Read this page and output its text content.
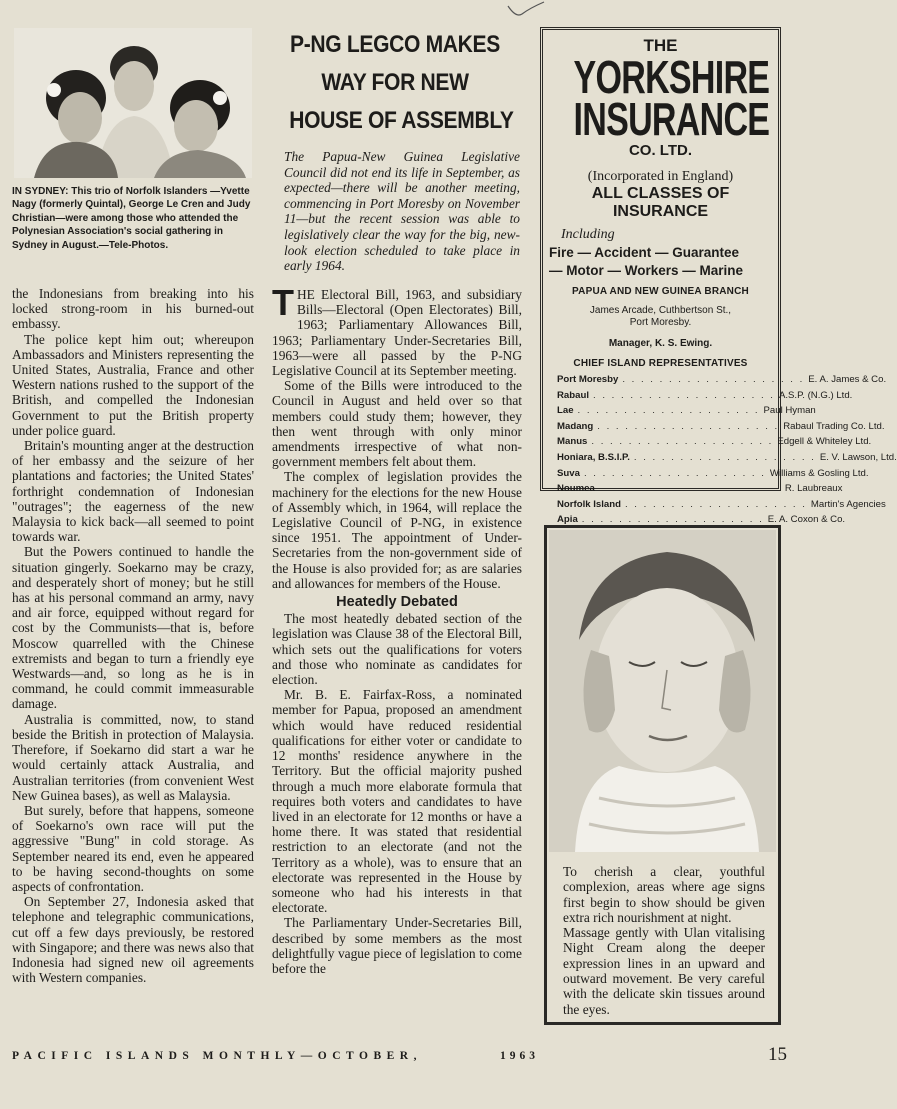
IN SYDNEY: This trio of Norfolk Islanders —Yvette Nagy (formerly Quintal), George Le Cren and Judy Christian—were among those who attended the Polynesian Association's social gathering in Sydney in August.—Tele-Photos.

the Indonesians from breaking into his locked strong-room in his burned-out embassy.

The police kept him out; whereupon Ambassadors and Ministers representing the United States, Australia, France and other Western nations rushed to the support of the British, and compelled the Indonesian Government to put the British property under police guard.

Britain's mounting anger at the destruction of her embassy and the seizure of her plantations and factories; the United States' forthright condemnation of Indonesian "outrages"; the eagerness of the new Malaysia to kick back—all seemed to point towards war.

But the Powers continued to handle the situation gingerly. Soekarno may be crazy, and desperately short of money; but he still has at his personal command an army, navy and air force, equipped without regard for cost by the Communists—that is, before Moscow quarrelled with the Chinese extremists and began to turn a friendly eye Westwards—and, so long as he is in command, he could commit immeasurable damage.

Australia is committed, now, to stand beside the British in protection of Malaysia. Therefore, if Soekarno did start a war he would certainly attack Australia, and Australian territories (from convenient West New Guinea bases), as well as Malaysia.

But surely, before that happens, someone of Soekarno's own race will put the aggressive "Bung" in cold storage. As September neared its end, even he appeared to be having second-thoughts on some aspects of confrontation.

On September 27, Indonesia asked that telephone and telegraphic communications, cut off a few days previously, be restored with Singapore; and there was news also that Indonesia had signed new oil agreements with Western companies.

P-NG LEGCO MAKES
WAY FOR NEW
HOUSE OF ASSEMBLY
The Papua-New Guinea Legislative Council did not end its life in September, as expected—there will be another meeting, commencing in Port Moresby on November 11—but the recent session was able to legislatively clear the way for the big, new-look election scheduled to take place in early 1964.

THE Electoral Bill, 1963, and subsidiary Bills—Electoral (Open Electorates) Bill, 1963; Parliamentary Allowances Bill, 1963; Parliamentary Under-Secretaries Bill, 1963—were all passed by the P-NG Legislative Council at its September meeting.

Some of the Bills were introduced to the Council in August and held over so that members could study them; however, they then went through with only minor amendments irrespective of what non-government members felt about them.

The complex of legislation provides the machinery for the elections for the new House of Assembly which, in 1964, will replace the Legislative Council of P-NG, in existence since 1951. The appointment of Under-Secretaries from the non-government side of the House is also provided for; as are salaries and allowances for members of the House.

Heatedly Debated

The most heatedly debated section of the legislation was Clause 38 of the Electoral Bill, which sets out the qualifications for voters and those who nominate as candidates for election.

Mr. B. E. Fairfax-Ross, a nominated member for Papua, proposed an amendment which would have reduced residential qualifications for either voter or candidate to 12 months' residence anywhere in the Territory. But the official majority pushed through a much more elaborate formula that requires both voters and candidates to have lived in an electorate for 12 months or have a home there. It was stated that residential restriction to an electorate (and not the Territory as a whole), was to ensure that an electorate was represented in the House by someone who had his interests in that electorate.

The Parliamentary Under-Secretaries Bill, described by some members as the most delightfully vague piece of legislation to come before the

THE
YORKSHIRE
INSURANCE
CO. LTD.
(Incorporated in England)
ALL CLASSES OF
INSURANCE
Including
Fire — Accident — Guarantee
— Motor — Workers — Marine
PAPUA AND NEW GUINEA BRANCH
James Arcade, Cuthbertson St.,
Port Moresby.
Manager, K. S. Ewing.
CHIEF ISLAND REPRESENTATIVES
Port Moresby . . . . . . . . . . . . . . . . . . . . E. A. James & Co.
Rabaul . . . . . . . . . . . . . . . . . . . . A.S.P. (N.G.) Ltd.
Lae . . . . . . . . . . . . . . . . . . . . Paul Hyman
Madang . . . . . . . . . . . . . . . . . . . . Rabaul Trading Co. Ltd.
Manus . . . . . . . . . . . . . . . . . . . . Edgell & Whiteley Ltd.
Honiara, B.S.I.P. . . . . . . . . . . . . . . . . . . . . E. V. Lawson, Ltd.
Suva . . . . . . . . . . . . . . . . . . . . Williams & Gosling Ltd.
Noumea . . . . . . . . . . . . . . . . . . . . R. Laubreaux
Norfolk Island . . . . . . . . . . . . . . . . . . . . Martin's Agencies
Apia . . . . . . . . . . . . . . . . . . . . E. A. Coxon & Co.

To cherish a clear, youthful complexion, areas where age signs first begin to show should be given extra rich nourishment at night.

Massage gently with Ulan vitalising Night Cream along the deeper expression lines in an upward and outward movement. Be very careful with the delicate skin tissues around the eyes.

PACIFIC ISLANDS MONTHLY—OCTOBER,	1963	15
